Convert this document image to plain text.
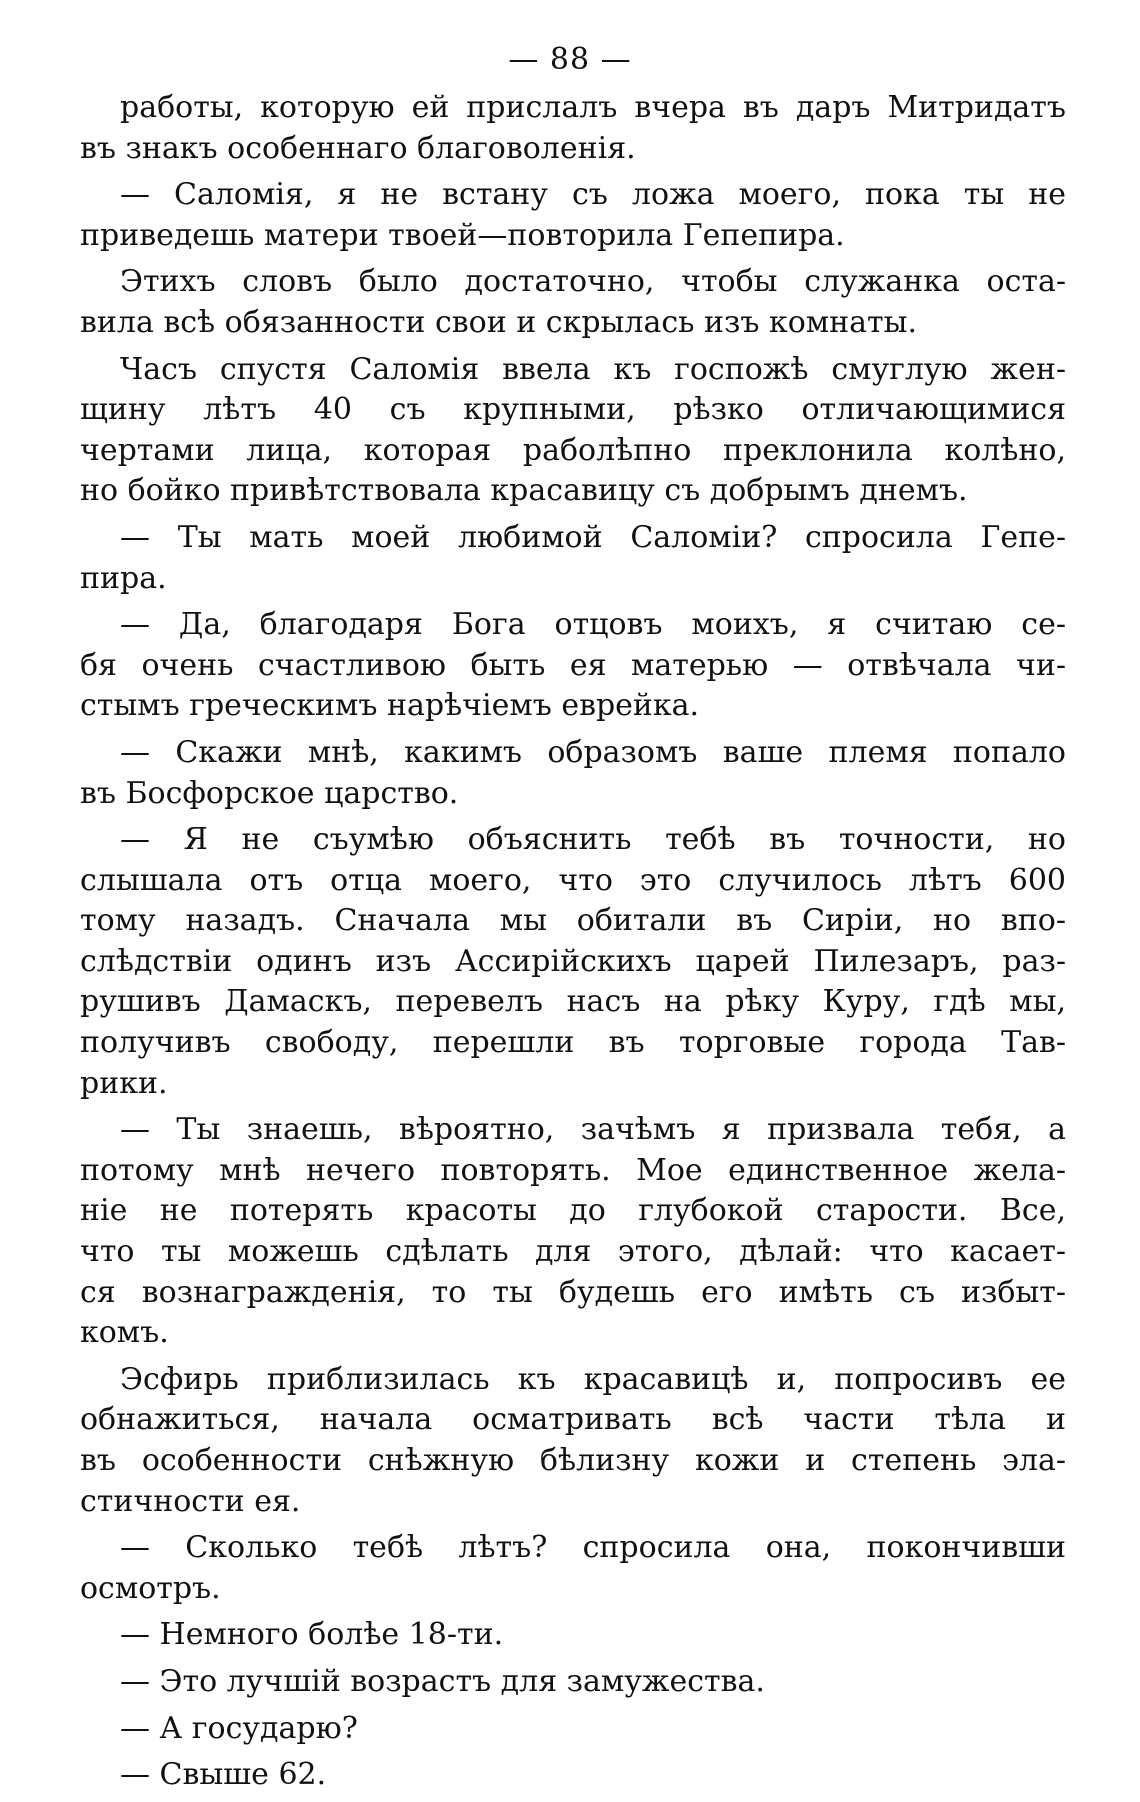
— 88 —
работы, которую ей прислалъ вчера въ даръ Митридатъ
въ знакъ особеннаго благоволенія.
— Саломія, я не встану съ ложа моего, пока ты не
приведешь матери твоей—повторила Гепепира.
Этихъ словъ было достаточно, чтобы служанка оста-
вила всѣ обязанности свои и скрылась изъ комнаты.
Часъ спустя Саломія ввела къ госпожѣ смуглую жен-
щину лѣтъ 40 съ крупными, рѣзко отличающимися
чертами лица, которая раболѣпно преклонила колѣно,
но бойко привѣтствовала красавицу съ добрымъ днемъ.
— Ты мать моей любимой Саломіи? спросила Гепе-
пира.
— Да, благодаря Бога отцовъ моихъ, я считаю се-
бя очень счастливою быть ея матерью — отвѣчала чи-
стымъ греческимъ нарѣчіемъ еврейка.
— Скажи мнѣ, какимъ образомъ ваше племя попало
въ Босфорское царство.
— Я не съумѣю объяснить тебѣ въ точности, но
слышала отъ отца моего, что это случилось лѣтъ 600
тому назадъ. Сначала мы обитали въ Сиріи, но впо-
слѣдствіи одинъ изъ Ассирійскихъ царей Пилезаръ, раз-
рушивъ Дамаскъ, перевелъ насъ на рѣку Куру, гдѣ мы,
получивъ свободу, перешли въ торговые города Тав-
рики.
— Ты знаешь, вѣроятно, зачѣмъ я призвала тебя, а
потому мнѣ нечего повторять. Мое единственное жела-
ніе не потерять красоты до глубокой старости. Все,
что ты можешь сдѣлать для этого, дѣлай: что касает-
ся вознагражденія, то ты будешь его имѣть съ избыт-
комъ.
Эсфирь приблизилась къ красавицѣ и, попросивъ ее
обнажиться, начала осматривать всѣ части тѣла и
въ особенности снѣжную бѣлизну кожи и степень эла-
стичности ея.
— Сколько тебѣ лѣтъ? спросила она, покончивши
осмотръ.
— Немного болѣе 18-ти.
— Это лучшій возрастъ для замужества.
— А государю?
— Свыше 62.
